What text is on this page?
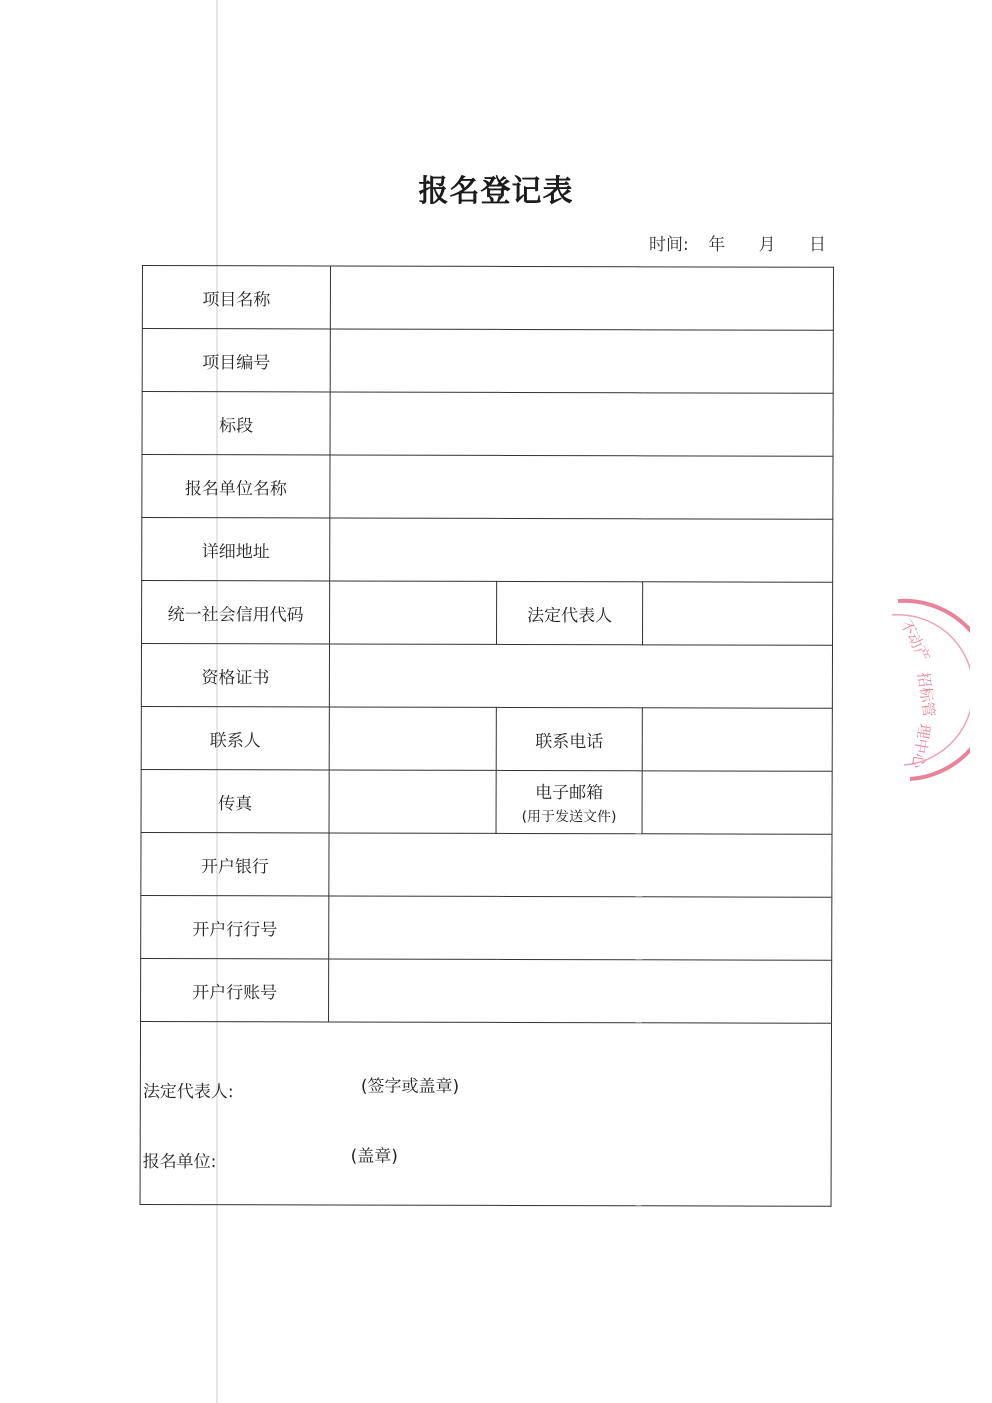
报名登记表
时间: 年 月 日
项目名称			
项目编号			
标段			
报名单位名称			
详细地址			
统一社会信用代码		法定代表人	
资格证书			
联系人		联系电话	
传真		电子邮箱
(用于发送文件)	

开户银行			
开户行行号			
开户行账号			

法定代表人: (签字或盖章)
报名单位: (盖章)			
不动产
招标管
理中心
